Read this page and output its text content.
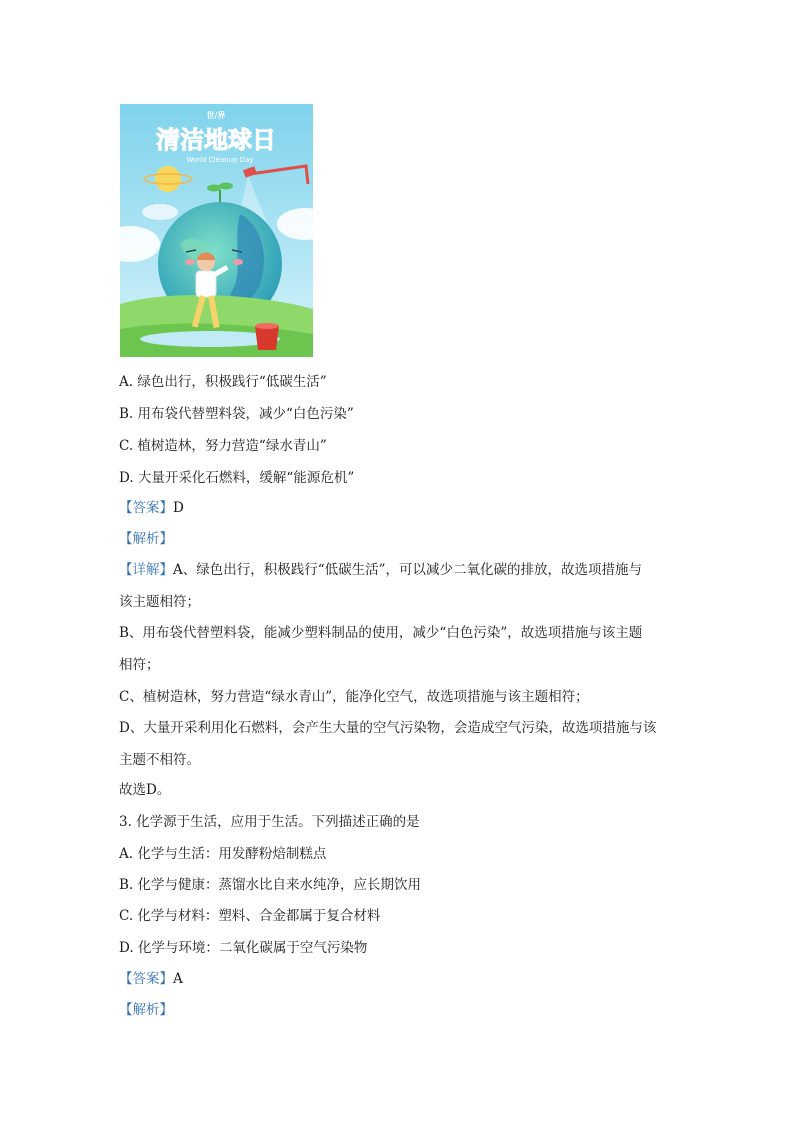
世/界
清洁地球日
World Cleanup Day
A. 绿色出行，积极践行“低碳生活”
B. 用布袋代替塑料袋，减少“白色污染”
C. 植树造林，努力营造“绿水青山”
D. 大量开采化石燃料，缓解“能源危机”
【答案】D
【解析】
【详解】A、绿色出行，积极践行“低碳生活”，可以减少二氧化碳的排放，故选项措施与
该主题相符；
B、用布袋代替塑料袋，能减少塑料制品的使用，减少“白色污染”，故选项措施与该主题
相符；
C、植树造林，努力营造“绿水青山”，能净化空气，故选项措施与该主题相符；
D、大量开采利用化石燃料，会产生大量的空气污染物，会造成空气污染，故选项措施与该
主题不相符。
故选D。
3. 化学源于生活，应用于生活。下列描述正确的是
A. 化学与生活：用发酵粉焙制糕点
B. 化学与健康：蒸馏水比自来水纯净，应长期饮用
C. 化学与材料：塑料、合金都属于复合材料
D. 化学与环境：二氧化碳属于空气污染物
【答案】A
【解析】
